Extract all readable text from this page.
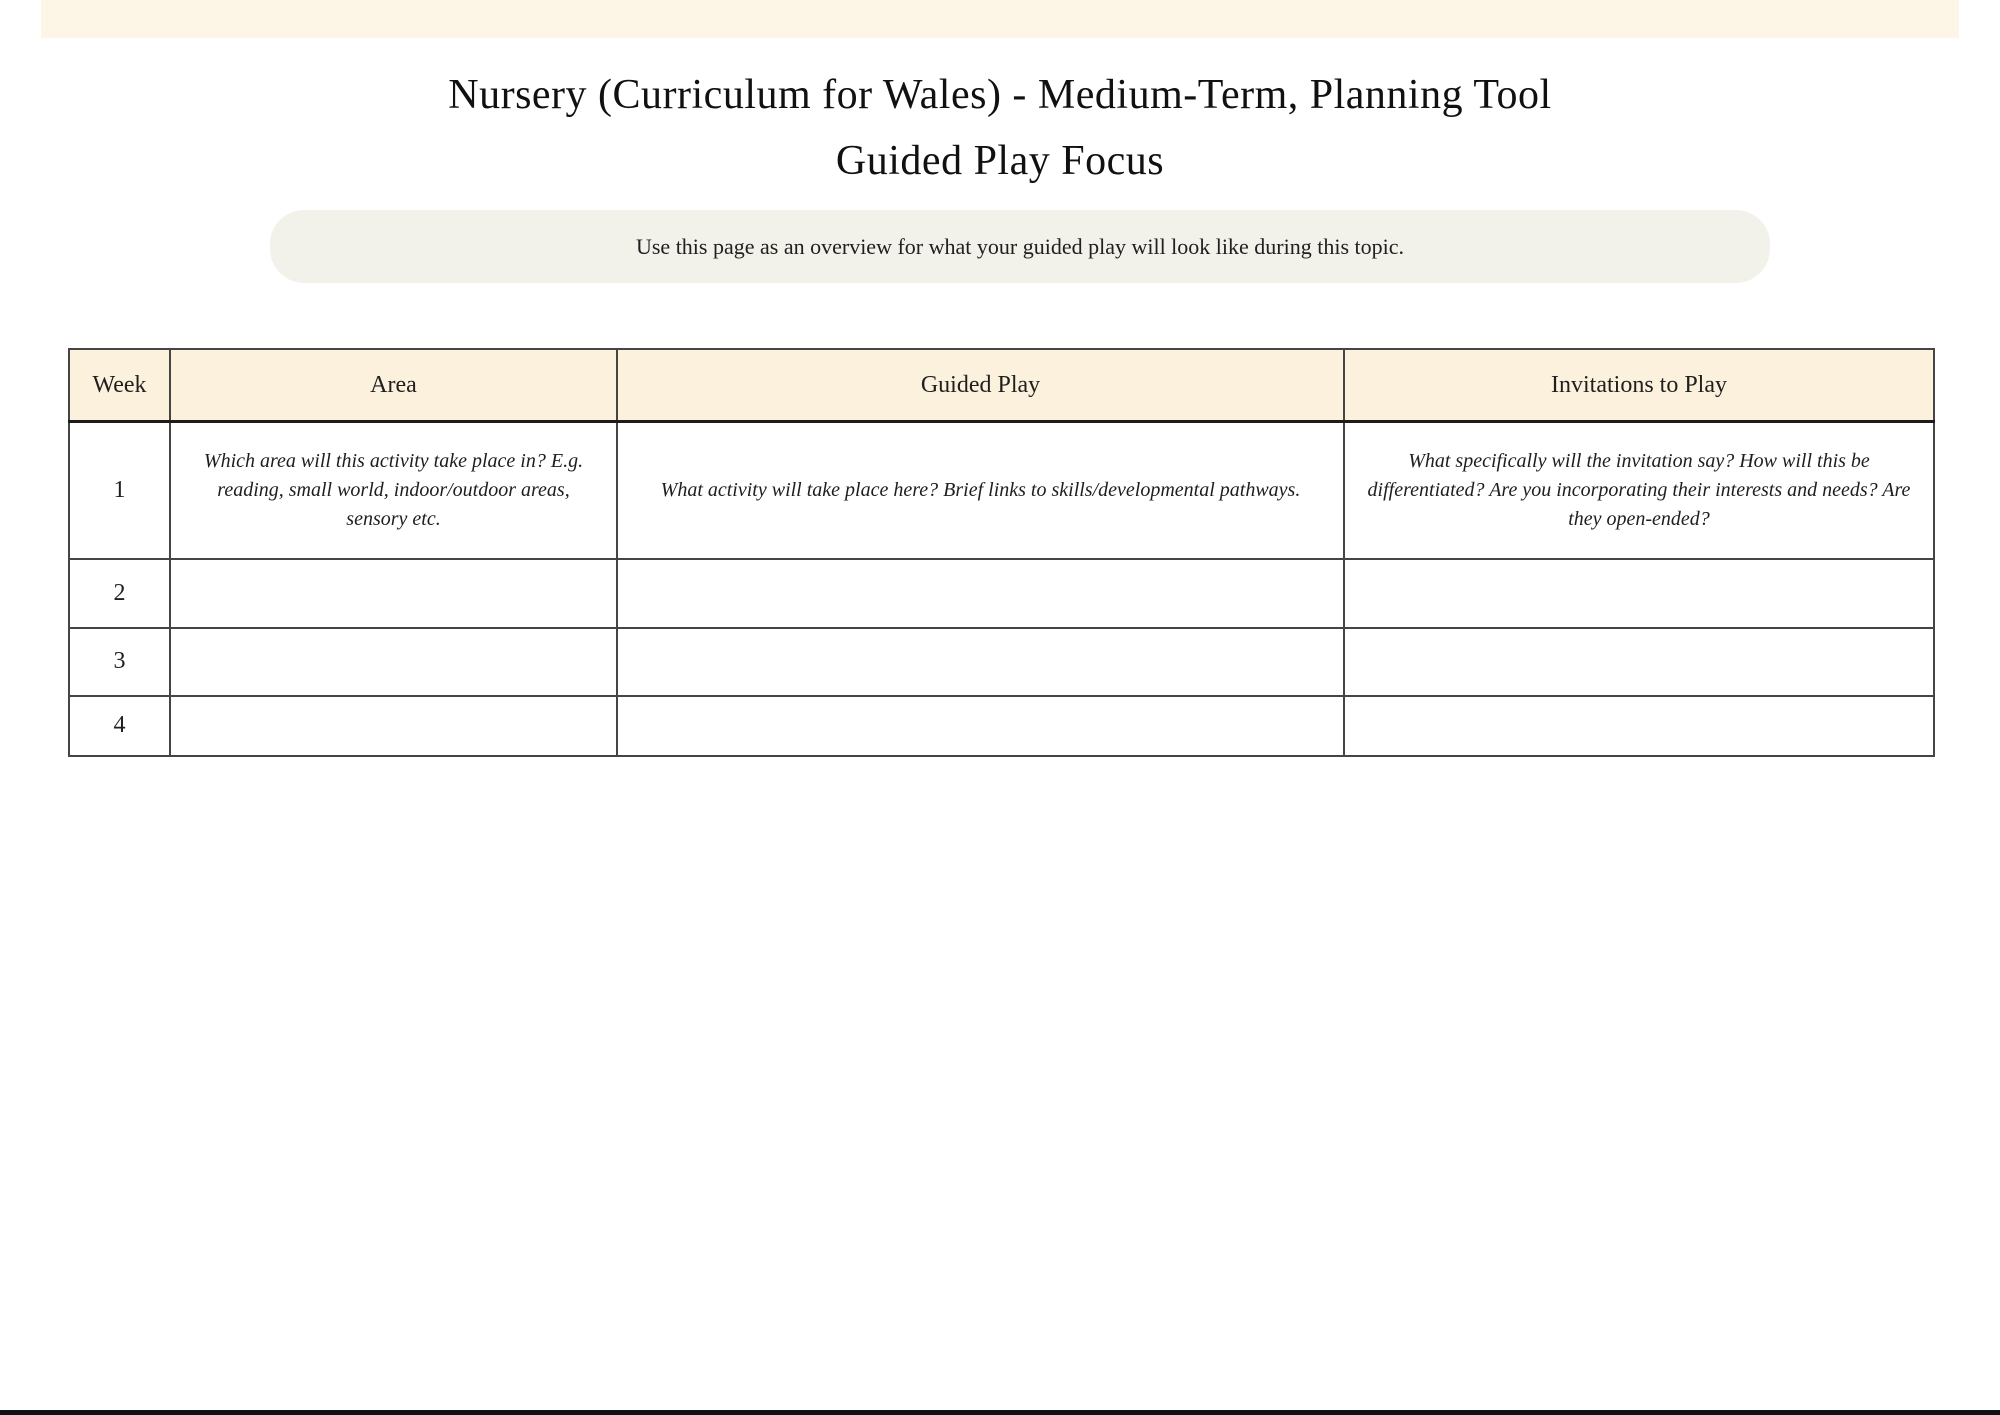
Nursery (Curriculum for Wales) - Medium-Term, Planning Tool
Guided Play Focus
Use this page as an overview for what your guided play will look like during this topic.
Week	Area	Guided Play	Invitations to Play
1	Which area will this activity take place in? E.g. reading, small world, indoor/outdoor areas, sensory etc.	What activity will take place here? Brief links to skills/developmental pathways.	What specifically will the invitation say? How will this be differentiated? Are you incorporating their interests and needs? Are they open-ended?
2			
3			
4			
